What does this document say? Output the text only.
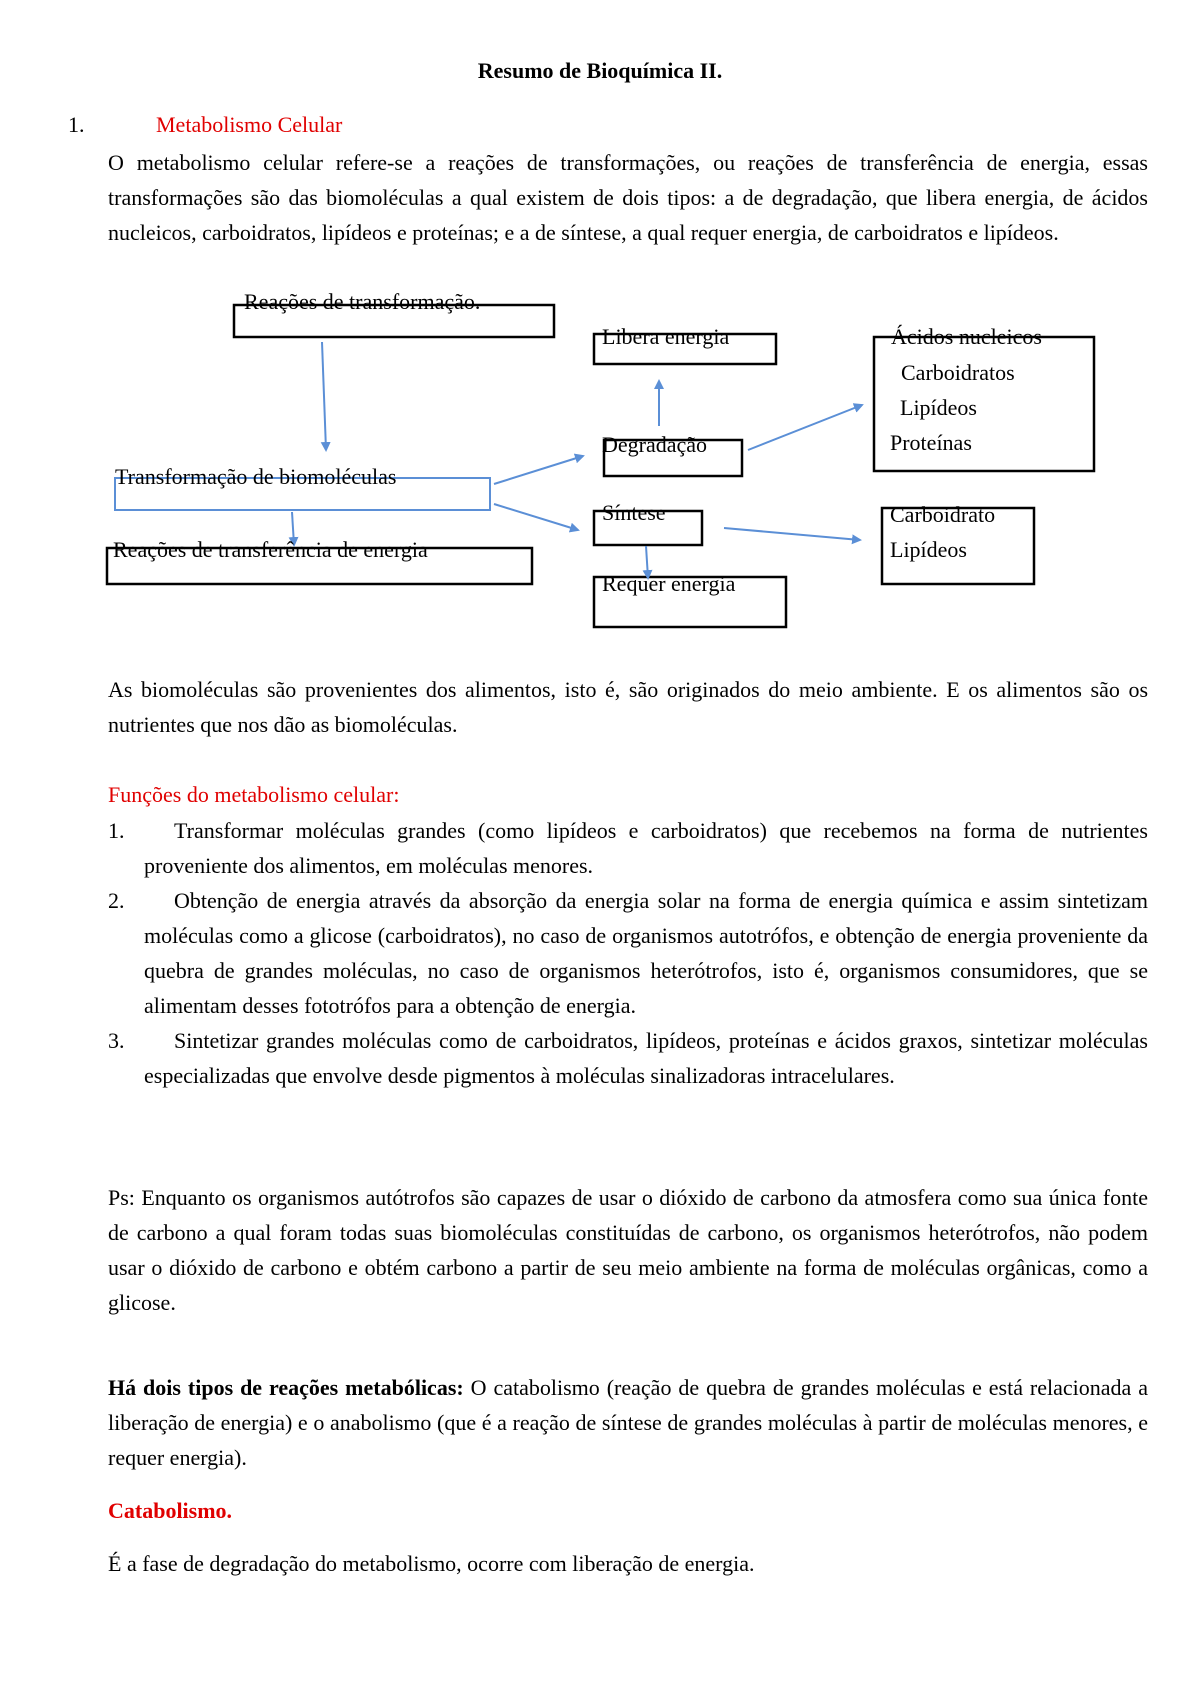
Resumo de Bioquímica II.
1.	Metabolismo Celular

O metabolismo celular refere-se a reações de transformações, ou reações de transferência de energia, essas transformações são das biomoléculas a qual existem de dois tipos: a de degradação, que libera energia, de ácidos nucleicos, carboidratos, lipídeos e proteínas; e a de síntese, a qual requer energia, de carboidratos e lipídeos.

Reações de transformação.
Transformação de biomoléculas
Reações de transferência de energia
Libera energia
Degradação
Síntese
Requer energia
Ácidos nucleicos
Carboidratos
Lipídeos
Proteínas
Carboidrato
Lipídeos

As biomoléculas são provenientes dos alimentos, isto é, são originados do meio ambiente. E os alimentos são os nutrientes que nos dão as biomoléculas.

Funções do metabolismo celular:
1. Transformar moléculas grandes (como lipídeos e carboidratos) que recebemos na forma de nutrientes proveniente dos alimentos, em moléculas menores.
2. Obtenção de energia através da absorção da energia solar na forma de energia química e assim sintetizam moléculas como a glicose (carboidratos), no caso de organismos autotrófos, e obtenção de energia proveniente da quebra de grandes moléculas, no caso de organismos heterótrofos, isto é, organismos consumidores, que se alimentam desses fototrófos para a obtenção de energia.
3. Sintetizar grandes moléculas como de carboidratos, lipídeos, proteínas e ácidos graxos, sintetizar moléculas especializadas que envolve desde pigmentos à moléculas sinalizadoras intracelulares.

Ps: Enquanto os organismos autótrofos são capazes de usar o dióxido de carbono da atmosfera como sua única fonte de carbono a qual foram todas suas biomoléculas constituídas de carbono, os organismos heterótrofos, não podem usar o dióxido de carbono e obtém carbono a partir de seu meio ambiente na forma de moléculas orgânicas, como a glicose.

Há dois tipos de reações metabólicas: O catabolismo (reação de quebra de grandes moléculas e está relacionada a liberação de energia) e o anabolismo (que é a reação de síntese de grandes moléculas à partir de moléculas menores, e requer energia).

Catabolismo.

É a fase de degradação do metabolismo, ocorre com liberação de energia.
